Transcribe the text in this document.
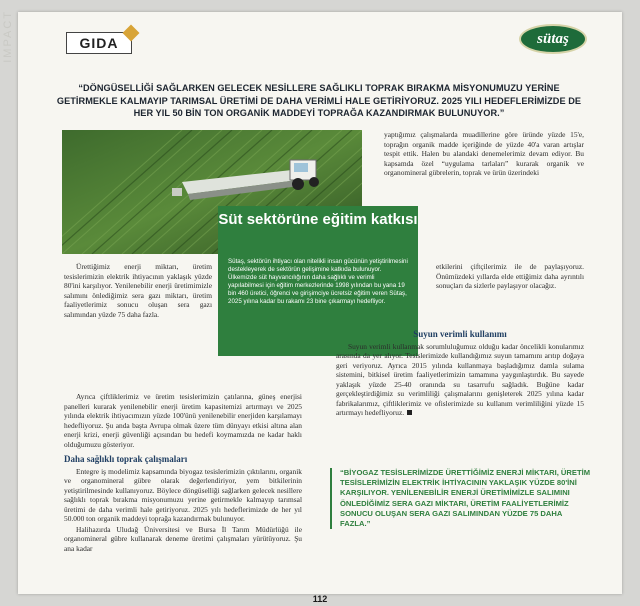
IMPACT	GIDA	sütaş
“DÖNGÜSELLİĞİ SAĞLARKEN GELECEK NESİLLERE SAĞLIKLI TOPRAK BIRAKMA MİSYONUMUZU YERİNE GETİRMEKLE KALMAYIP TARIMSAL ÜRETİMİ DE DAHA VERİMLİ HALE GETİRİYORUZ. 2025 YILI HEDEFLERİMİZDE DE HER YIL 50 BİN TON ORGANİK MADDEYİ TOPRAĞA KAZANDIRMAK BULUNUYOR.”
Süt sektörüne eğitim katkısı
Sütaş, sektörün ihtiyacı olan nitelikli insan gücünün yetiştirilmesini destekleyerek de sektörün gelişimine katkıda bulunuyor. Ülkemizde süt hayvancılığının daha sağlıklı ve verimli yapılabilmesi için eğitim merkezlerinde 1998 yılından bu yana 19 bin 460 üretici, öğrenci ve girişimciye ücretsiz eğitim veren Sütaş, 2025 yılına kadar bu rakamı 23 bine çıkarmayı hedefliyor.

yaptığımız çalışmalarda muadillerine göre üründe yüzde 15'e, toprağın organik madde içeriğinde de yüzde 40'a varan artışlar tespit ettik. Halen bu alandaki denemelerimiz devam ediyor. Bu kapsamda özel “uygulama tarlaları” kurarak organik ve organomineral gübrelerin, toprak ve ürün üzerindeki

etkilerini çiftçilerimiz ile de paylaşıyoruz. Önümüzdeki yıllarda elde ettiğimiz daha ayrıntılı sonuçları da sizlerle paylaşıyor olacağız.

Ürettiğimiz enerji miktarı, üretim tesislerimizin elektrik ihtiyacının yaklaşık yüzde 80'ini karşılıyor. Yenilenebilir enerji üretimimizle salımını önlediğimiz sera gazı miktarı, üretim faaliyetlerimiz sonucu oluşan sera gazı salımından yüzde 75 daha fazla.

Ayrıca çiftliklerimiz ve üretim tesislerimizin çatılarına, güneş enerjisi panelleri kurarak yenilenebilir enerji üretim kapasitemizi artırmayı ve 2025 yılında elektrik ihtiyacımızın yüzde 100'ünü yenilenebilir enerjiden karşılamayı hedefliyoruz. Şu anda başta Avrupa olmak üzere tüm dünyayı etkisi altına alan enerji krizi, enerji güvenliği açısından bu hedefi koymamızda ne kadar haklı olduğumuzu gösteriyor.

Daha sağlıklı toprak çalışmaları

Entegre iş modelimiz kapsamında biyogaz tesislerimizin çıktılarını, organik ve organomineral gübre olarak değerlendiriyor, yem bitkilerinin yetiştirilmesinde kullanıyoruz. Böylece döngüselliği sağlarken gelecek nesillere sağlıklı toprak bırakma misyonumuzu yerine getirmekle kalmayıp tarımsal üretimi de daha verimli hale getiriyoruz. 2025 yılı hedeflerimizde de her yıl 50.000 ton organik maddeyi toprağa kazandırmak bulunuyor.

Halihazırda Uludağ Üniversitesi ve Bursa İl Tarım Müdürlüğü ile organomineral gübre kullanarak deneme üretimi çalışmaları yürütüyoruz. Şu ana kadar

Suyun verimli kullanımı

Suyun verimli kullanmak sorumluluğumuz olduğu kadar öncelikli konularımız arasında da yer alıyor. Tesislerimizde kullandığımız suyun tamamını arıtıp doğaya geri veriyoruz. Ayrıca 2015 yılında kullanmaya başladığımız damla sulama sistemini, bitkisel üretim faaliyetlerimizin tamamına yaygınlaştırdık. Bu sayede yaklaşık yüzde 25-40 oranında su tasarrufu sağladık. Buğüne kadar gerçekleştirdiğimiz su verimliliği çalışmalarını genişleterek 2025 yılına kadar fabrikalarımız, çiftliklerimiz ve ofislerimizde su kullanım verimliliğini yüzde 15 artırmayı hedefliyoruz.

“BİYOGAZ TESİSLERİMİZDE ÜRETTİĞİMİZ ENERJİ MİKTARI, ÜRETİM TESİSLERİMİZİN ELEKTRİK İHTİYACININ YAKLAŞIK YÜZDE 80'İNİ KARŞILIYOR. YENİLENEBİLİR ENERJİ ÜRETİMİMİZLE SALIMINI ÖNLEDİĞİMİZ SERA GAZI MİKTARI, ÜRETİM FAALİYETLERİMİZ SONUCU OLUŞAN SERA GAZI SALIMINDAN YÜZDE 75 DAHA FAZLA.”
112
